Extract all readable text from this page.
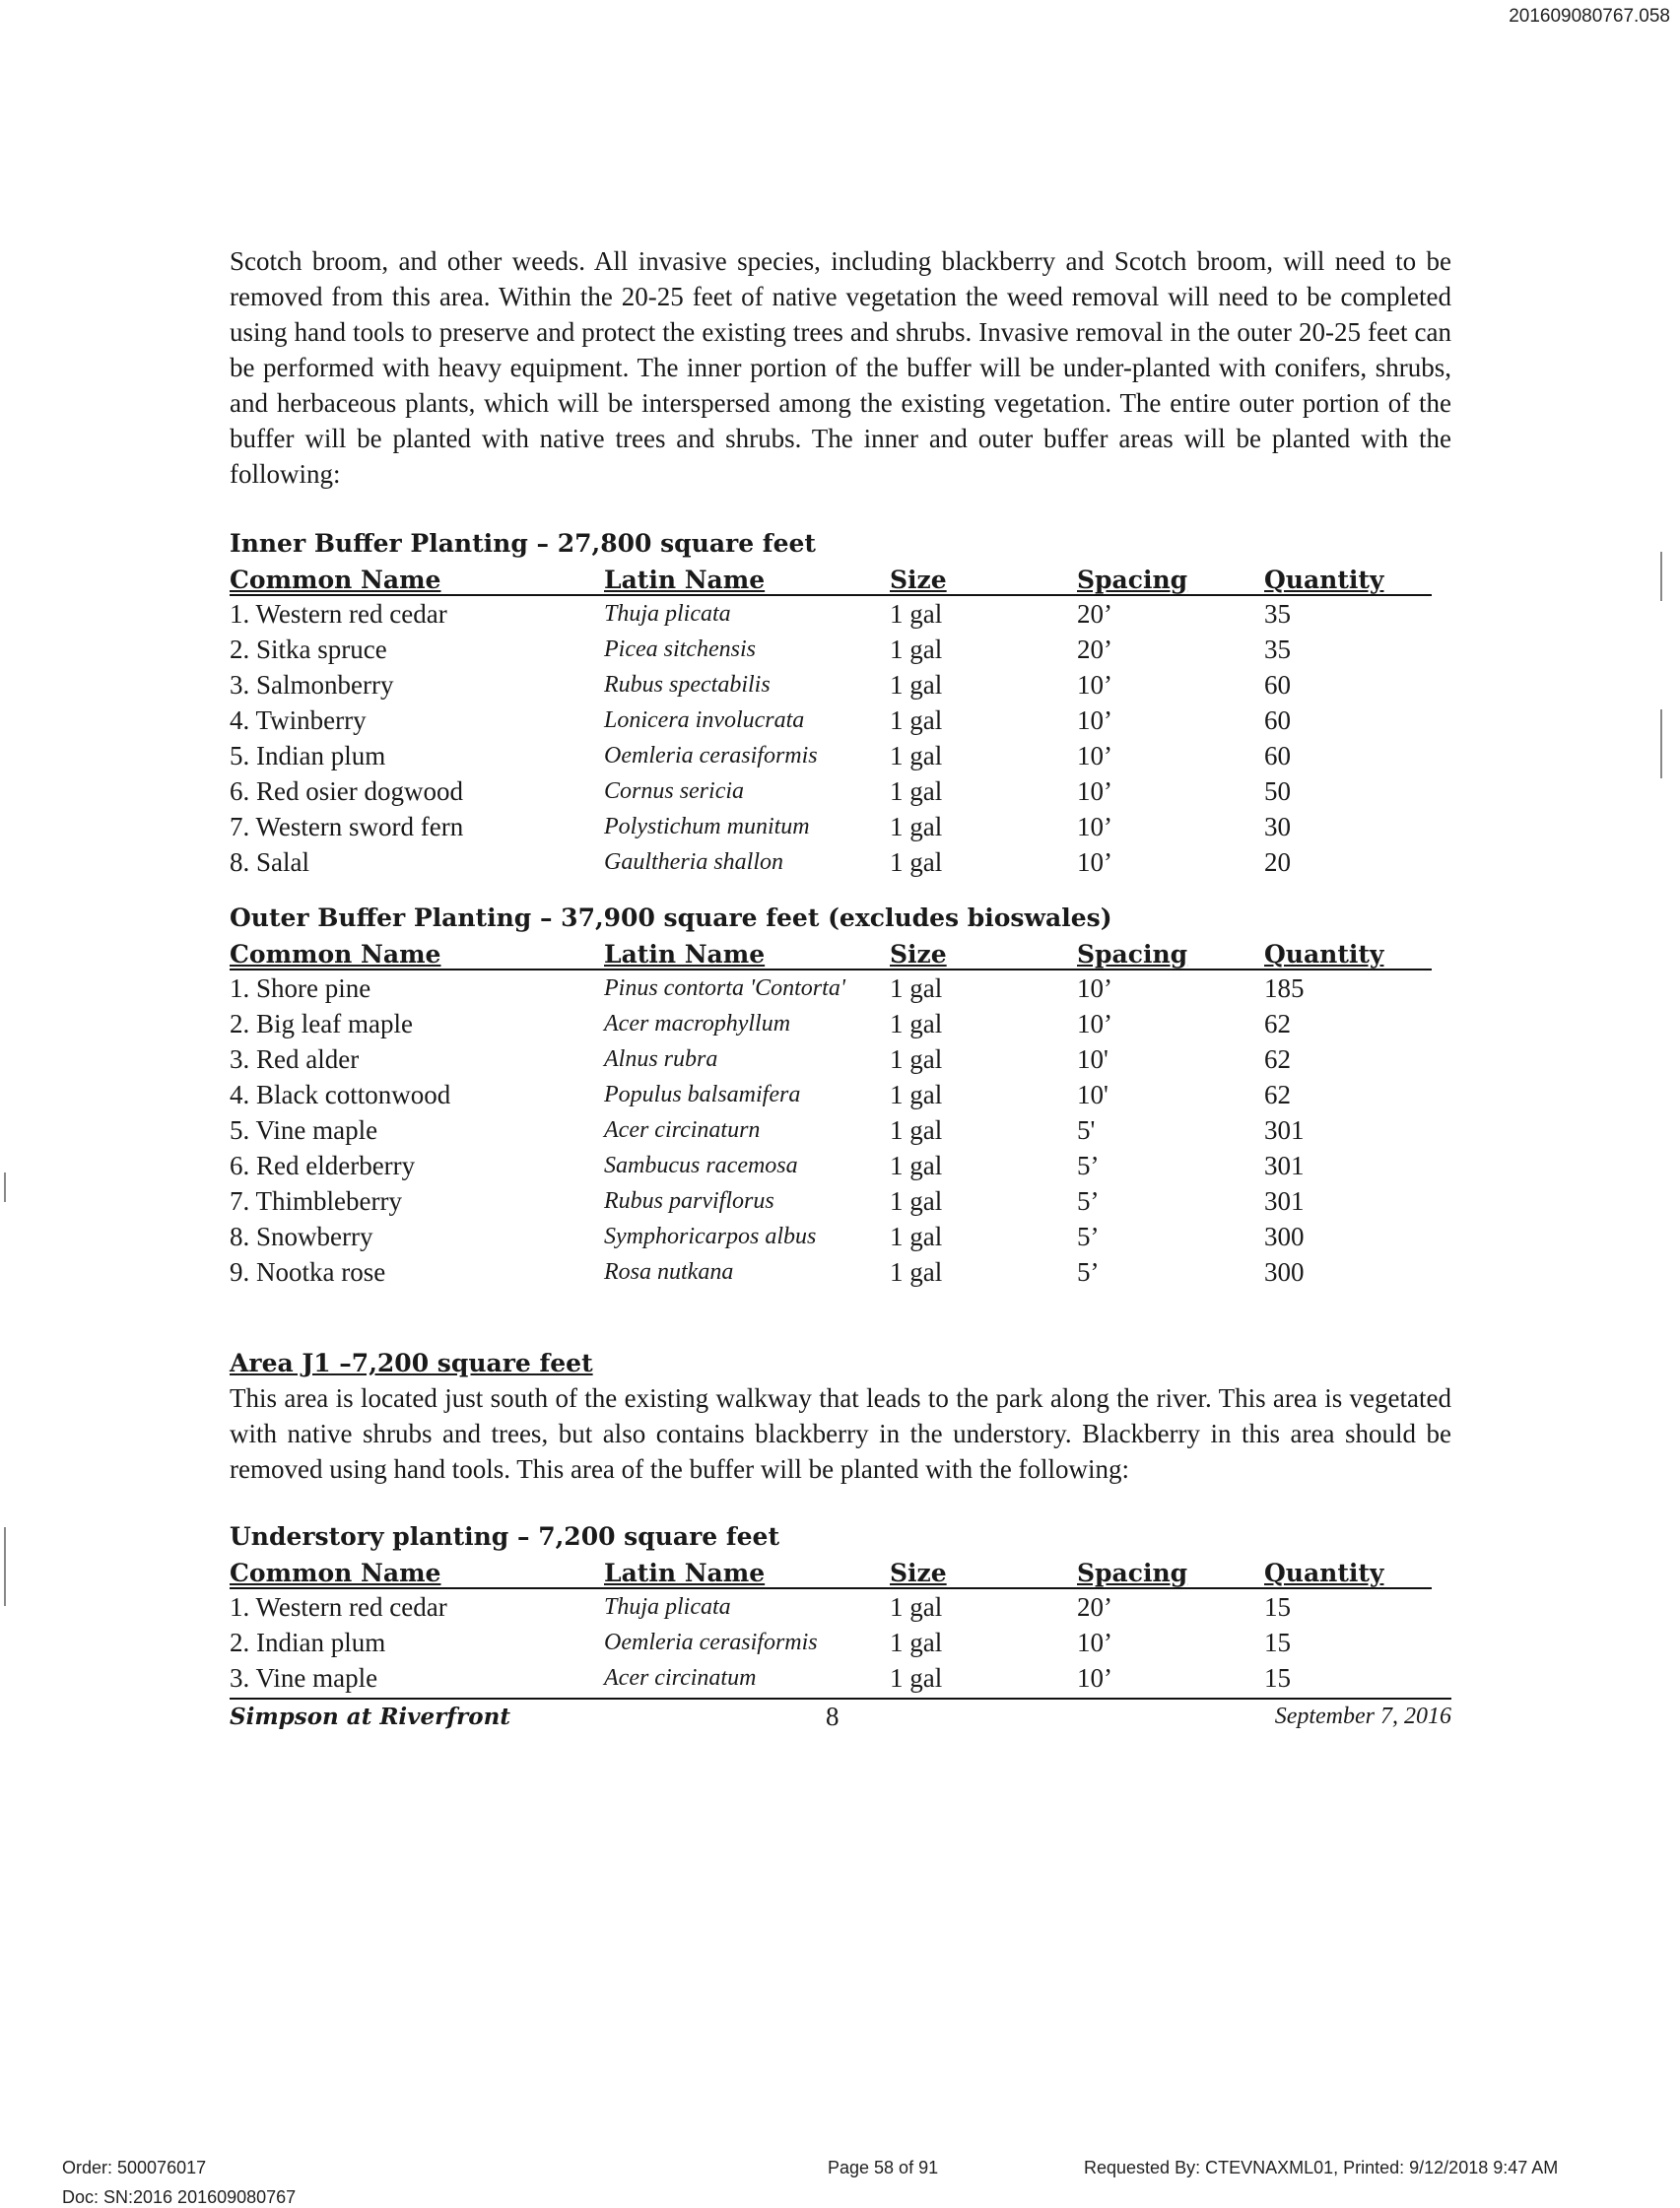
201609080767.058

Scotch broom, and other weeds. All invasive species, including blackberry and Scotch broom, will need to be removed from this area. Within the 20-25 feet of native vegetation the weed removal will need to be completed using hand tools to preserve and protect the existing trees and shrubs. Invasive removal in the outer 20-25 feet can be performed with heavy equipment. The inner portion of the buffer will be under-planted with conifers, shrubs, and herbaceous plants, which will be interspersed among the existing vegetation. The entire outer portion of the buffer will be planted with native trees and shrubs. The inner and outer buffer areas will be planted with the following:

Inner Buffer Planting – 27,800 square feet
Common Name	Latin Name	Size	Spacing	Quantity
1. Western red cedar	Thuja plicata	1 gal	20’	35
2. Sitka spruce	Picea sitchensis	1 gal	20’	35
3. Salmonberry	Rubus spectabilis	1 gal	10’	60
4. Twinberry	Lonicera involucrata	1 gal	10’	60
5. Indian plum	Oemleria cerasiformis	1 gal	10’	60
6. Red osier dogwood	Cornus sericia	1 gal	10’	50
7. Western sword fern	Polystichum munitum	1 gal	10’	30
8. Salal	Gaultheria shallon	1 gal	10’	20
Outer Buffer Planting – 37,900 square feet (excludes bioswales)
Common Name	Latin Name	Size	Spacing	Quantity
1. Shore pine	Pinus contorta 'Contorta'	1 gal	10’	185
2. Big leaf maple	Acer macrophyllum	1 gal	10’	62
3. Red alder	Alnus rubra	1 gal	10'	62
4. Black cottonwood	Populus balsamifera	1 gal	10'	62
5. Vine maple	Acer circinaturn	1 gal	5'	301
6. Red elderberry	Sambucus racemosa	1 gal	5’	301
7. Thimbleberry	Rubus parviflorus	1 gal	5’	301
8. Snowberry	Symphoricarpos albus	1 gal	5’	300
9. Nootka rose	Rosa nutkana	1 gal	5’	300
Area J1 –7,200 square feet

This area is located just south of the existing walkway that leads to the park along the river. This area is vegetated with native shrubs and trees, but also contains blackberry in the understory. Blackberry in this area should be removed using hand tools. This area of the buffer will be planted with the following:

Understory planting – 7,200 square feet
Common Name	Latin Name	Size	Spacing	Quantity
1. Western red cedar	Thuja plicata	1 gal	20’	15
2. Indian plum	Oemleria cerasiformis	1 gal	10’	15
3. Vine maple	Acer circinatum	1 gal	10’	15
Simpson at Riverfront	8	September 7, 2016
Order: 500076017
Doc: SN:2016 201609080767
Page 58 of 91	Requested By: CTEVNAXML01, Printed: 9/12/2018 9:47 AM
